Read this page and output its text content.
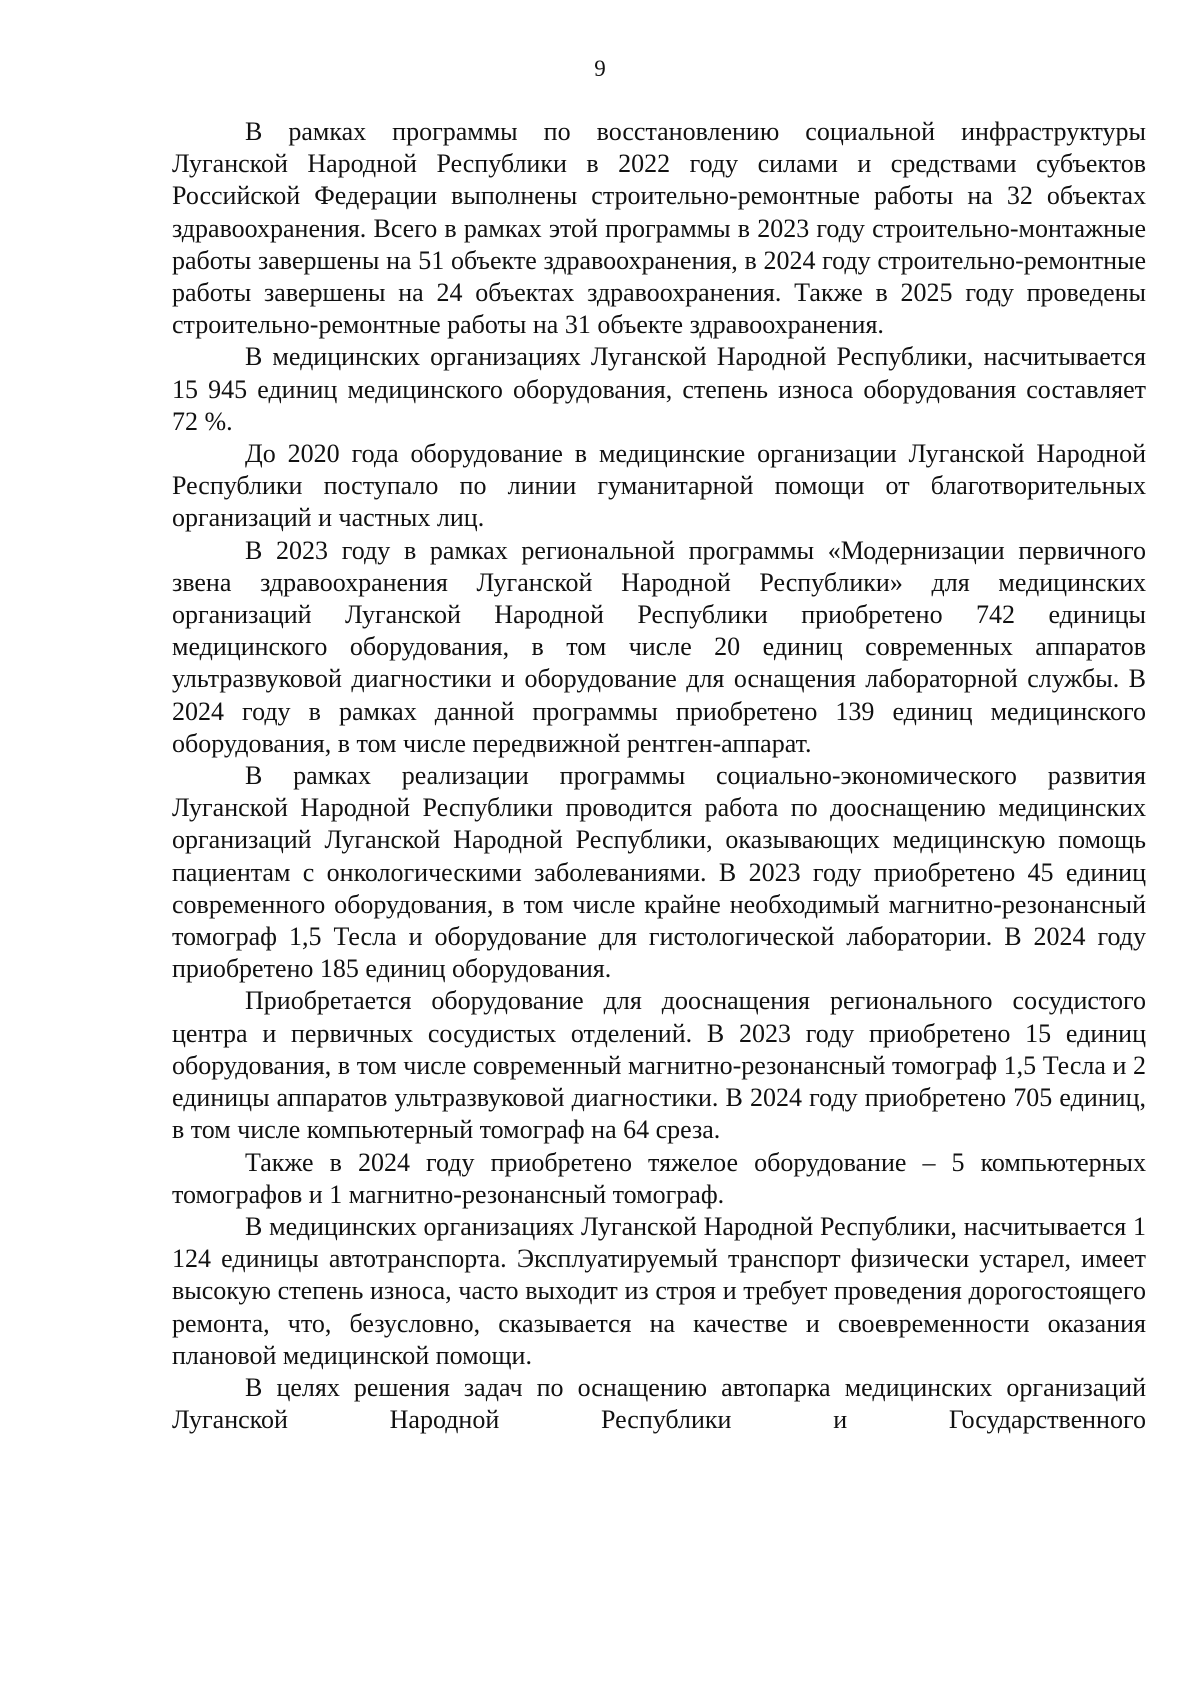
9

В рамках программы по восстановлению социальной инфраструктуры Луганской Народной Республики в 2022 году силами и средствами субъектов Российской Федерации выполнены строительно-ремонтные работы на 32 объектах здравоохранения. Всего в рамках этой программы в 2023 году строительно-монтажные работы завершены на 51 объекте здравоохранения, в 2024 году строительно-ремонтные работы завершены на 24 объектах здравоохранения. Также в 2025 году проведены строительно-ремонтные работы на 31 объекте здравоохранения.

В медицинских организациях Луганской Народной Республики, насчитывается 15 945 единиц медицинского оборудования, степень износа оборудования составляет 72 %.

До 2020 года оборудование в медицинские организации Луганской Народной Республики поступало по линии гуманитарной помощи от благотворительных организаций и частных лиц.

В 2023 году в рамках региональной программы «Модернизации первичного звена здравоохранения Луганской Народной Республики» для медицинских организаций Луганской Народной Республики приобретено 742 единицы медицинского оборудования, в том числе 20 единиц современных аппаратов ультразвуковой диагностики и оборудование для оснащения лабораторной службы. В 2024 году в рамках данной программы приобретено 139 единиц медицинского оборудования, в том числе передвижной рентген-аппарат.

В рамках реализации программы социально-экономического развития Луганской Народной Республики проводится работа по дооснащению медицинских организаций Луганской Народной Республики, оказывающих медицинскую помощь пациентам с онкологическими заболеваниями. В 2023 году приобретено 45 единиц современного оборудования, в том числе крайне необходимый магнитно-резонансный томограф 1,5 Тесла и оборудование для гистологической лаборатории. В 2024 году приобретено 185 единиц оборудования.

Приобретается оборудование для дооснащения регионального сосудистого центра и первичных сосудистых отделений. В 2023 году приобретено 15 единиц оборудования, в том числе современный магнитно-резонансный томограф 1,5 Тесла и 2 единицы аппаратов ультразвуковой диагностики. В 2024 году приобретено 705 единиц, в том числе компьютерный томограф на 64 среза.

Также в 2024 году приобретено тяжелое оборудование – 5 компьютерных томографов и 1 магнитно-резонансный томограф.

В медицинских организациях Луганской Народной Республики, насчитывается 1 124 единицы автотранспорта. Эксплуатируемый транспорт физически устарел, имеет высокую степень износа, часто выходит из строя и требует проведения дорогостоящего ремонта, что, безусловно, сказывается на качестве и своевременности оказания плановой медицинской помощи.

В целях решения задач по оснащению автопарка медицинских организаций Луганской Народной Республики и Государственного
